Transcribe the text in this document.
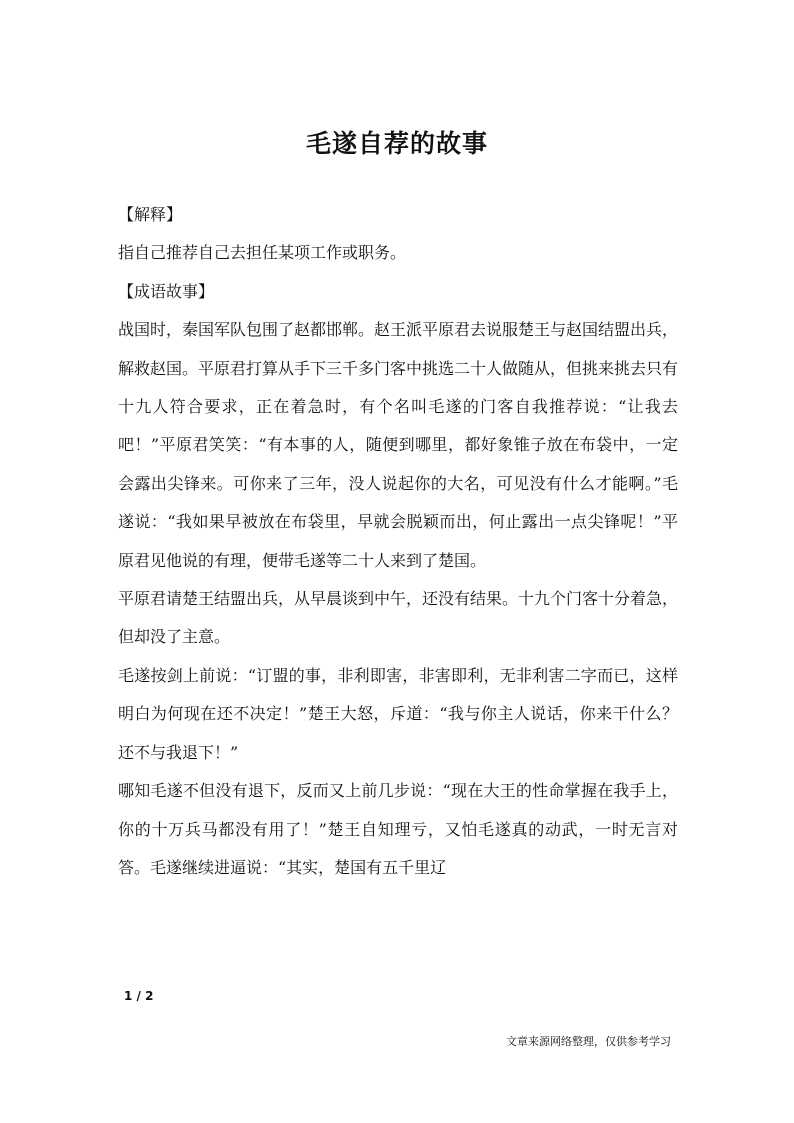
毛遂自荐的故事

【解释】

指自己推荐自己去担任某项工作或职务。

【成语故事】

战国时，秦国军队包围了赵都邯郸。赵王派平原君去说服楚王与赵国结盟出兵，解救赵国。平原君打算从手下三千多门客中挑选二十人做随从，但挑来挑去只有十九人符合要求，正在着急时，有个名叫毛遂的门客自我推荐说：“让我去吧！”平原君笑笑：“有本事的人，随便到哪里，都好象锥子放在布袋中，一定会露出尖锋来。可你来了三年，没人说起你的大名，可见没有什么才能啊。”毛遂说：“我如果早被放在布袋里，早就会脱颖而出，何止露出一点尖锋呢！”平原君见他说的有理，便带毛遂等二十人来到了楚国。

平原君请楚王结盟出兵，从早晨谈到中午，还没有结果。十九个门客十分着急，但却没了主意。

毛遂按剑上前说：“订盟的事，非利即害，非害即利，无非利害二字而已，这样明白为何现在还不决定！”楚王大怒，斥道：“我与你主人说话，你来干什么？还不与我退下！”

哪知毛遂不但没有退下，反而又上前几步说：“现在大王的性命掌握在我手上，你的十万兵马都没有用了！”楚王自知理亏，又怕毛遂真的动武，一时无言对答。毛遂继续进逼说：“其实，楚国有五千里辽

1 / 2
文章来源网络整理，仅供参考学习
